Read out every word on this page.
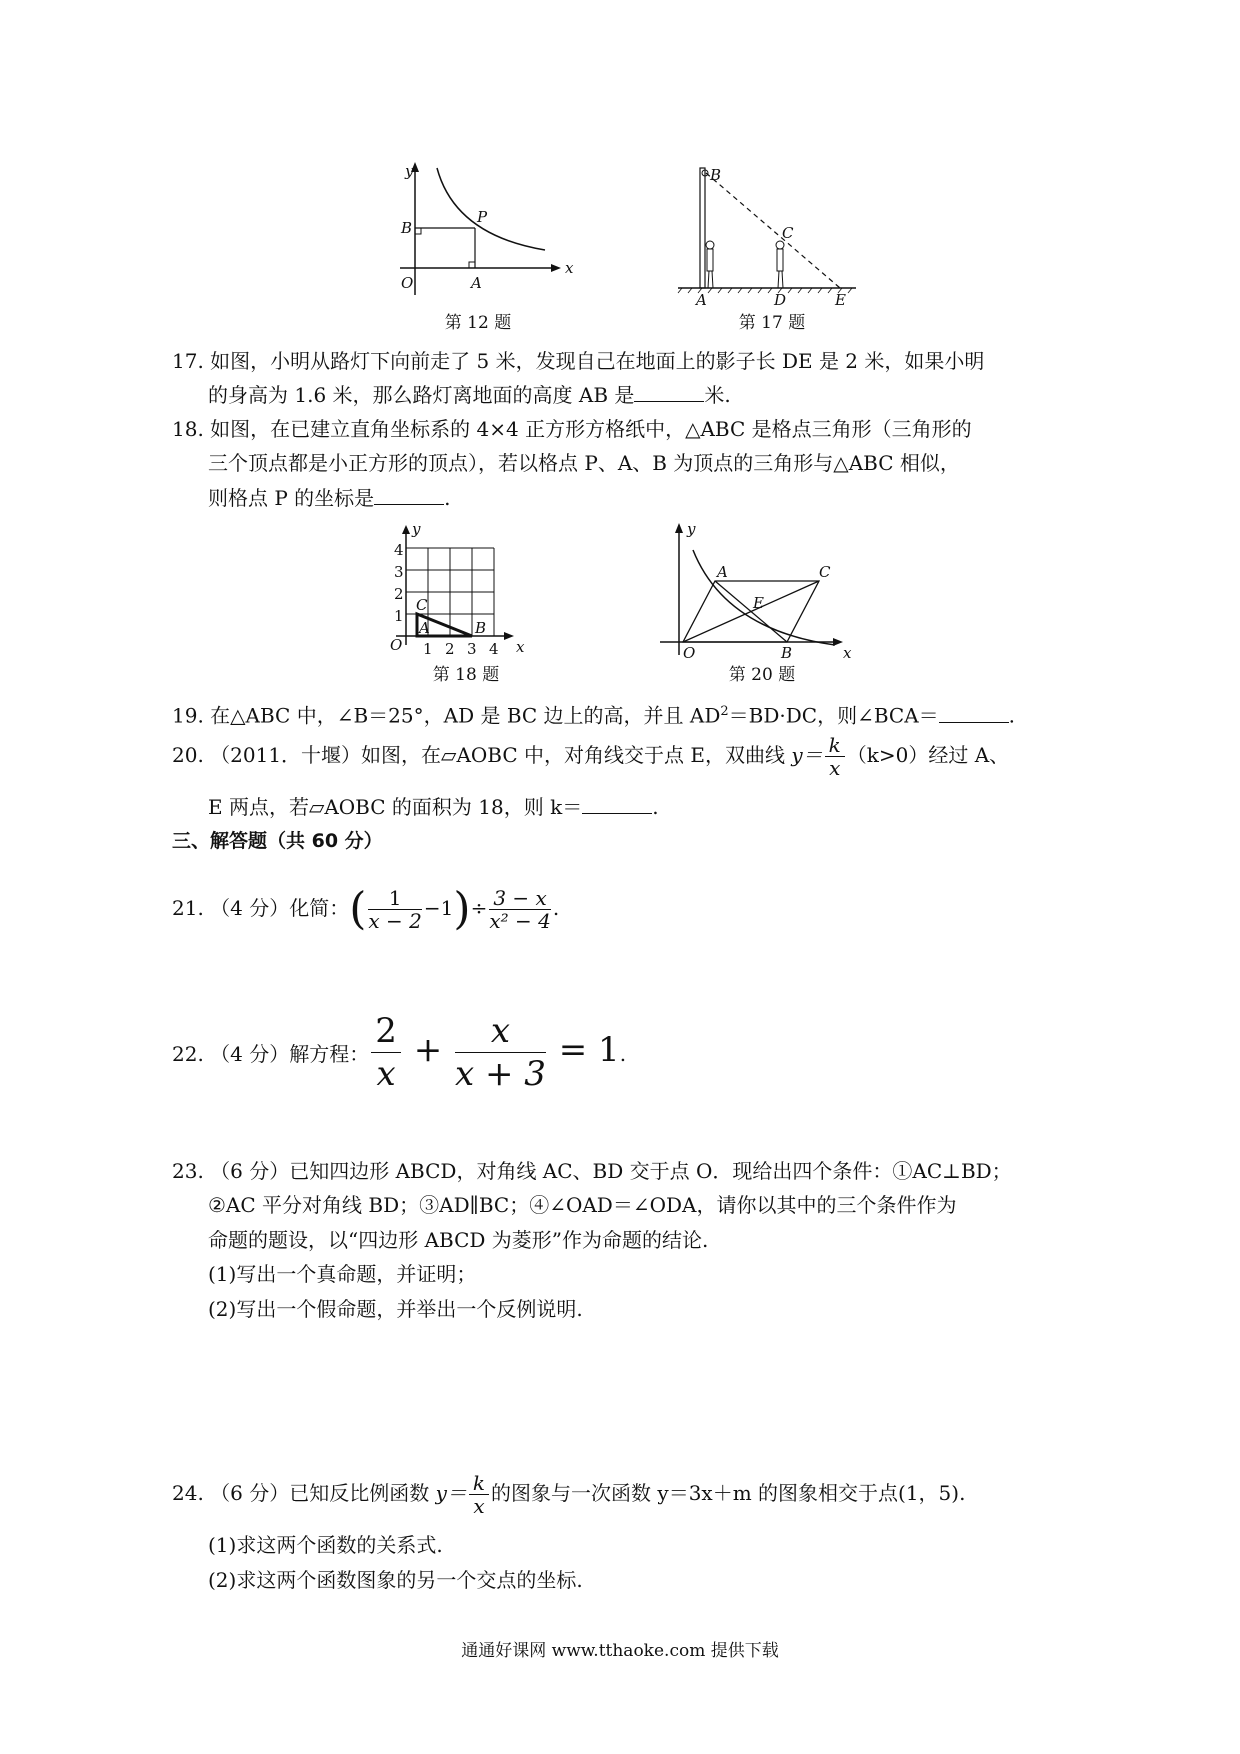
y
x
O	A
B
P
第 12 题
B
C
A	D	E
第 17 题
17. 如图，小明从路灯下向前走了 5 米，发现自己在地面上的影子长 DE 是 2 米，如果小明
的身高为 1.6 米，那么路灯离地面的高度 AB 是	米.
18. 如图，在已建立直角坐标系的 4×4 正方形方格纸中，△ABC 是格点三角形（三角形的
三个顶点都是小正方形的顶点），若以格点 P、A、B 为顶点的三角形与△ABC 相似，
则格点 P 的坐标是	.
4
3
2
1
1 2 3 4
y
x
O
C
A	B
第 18 题
y
x
O
A	C
E
B
第 20 题
19. 在△ABC 中，∠B＝25°，AD 是 BC 边上的高，并且 $AD^2=BD\cdot DC$，则∠BCA＝	.
20. （2011．十堰）如图，在▱AOBC 中，对角线交于点 E，双曲线 $y= \frac{k}{x} (k>0)$经过 A、
E 两点，若▱AOBC 的面积为 18，则 k＝	.
三、解答题（共 60 分）
21. （4 分）化简：( $\frac{1}{x - 2} -1)\div \frac{3 - x}{\text{x² − 4}}$ .
22. （4 分）解方程： $\frac{2}{x} + \frac{x}{x + 3} = 1$.
23. （6 分）已知四边形 ABCD，对角线 AC、BD 交于点 O．现给出四个条件：①AC⊥BD；
②AC 平分对角线 BD；③AD∥BC；④∠OAD＝∠ODA，请你以其中的三个条件作为
命题的题设，以“四边形 ABCD 为菱形”作为命题的结论.
(1)写出一个真命题，并证明；
(2)写出一个假命题，并举出一个反例说明.
24. （6 分）已知反比例函数 $y= \frac{k}{x}$ 的图象与一次函数 y＝3x＋m 的图象相交于点(1，5).
(1)求这两个函数的关系式.
(2)求这两个函数图象的另一个交点的坐标.
通通好课网 www.tthaoke.com 提供下载
